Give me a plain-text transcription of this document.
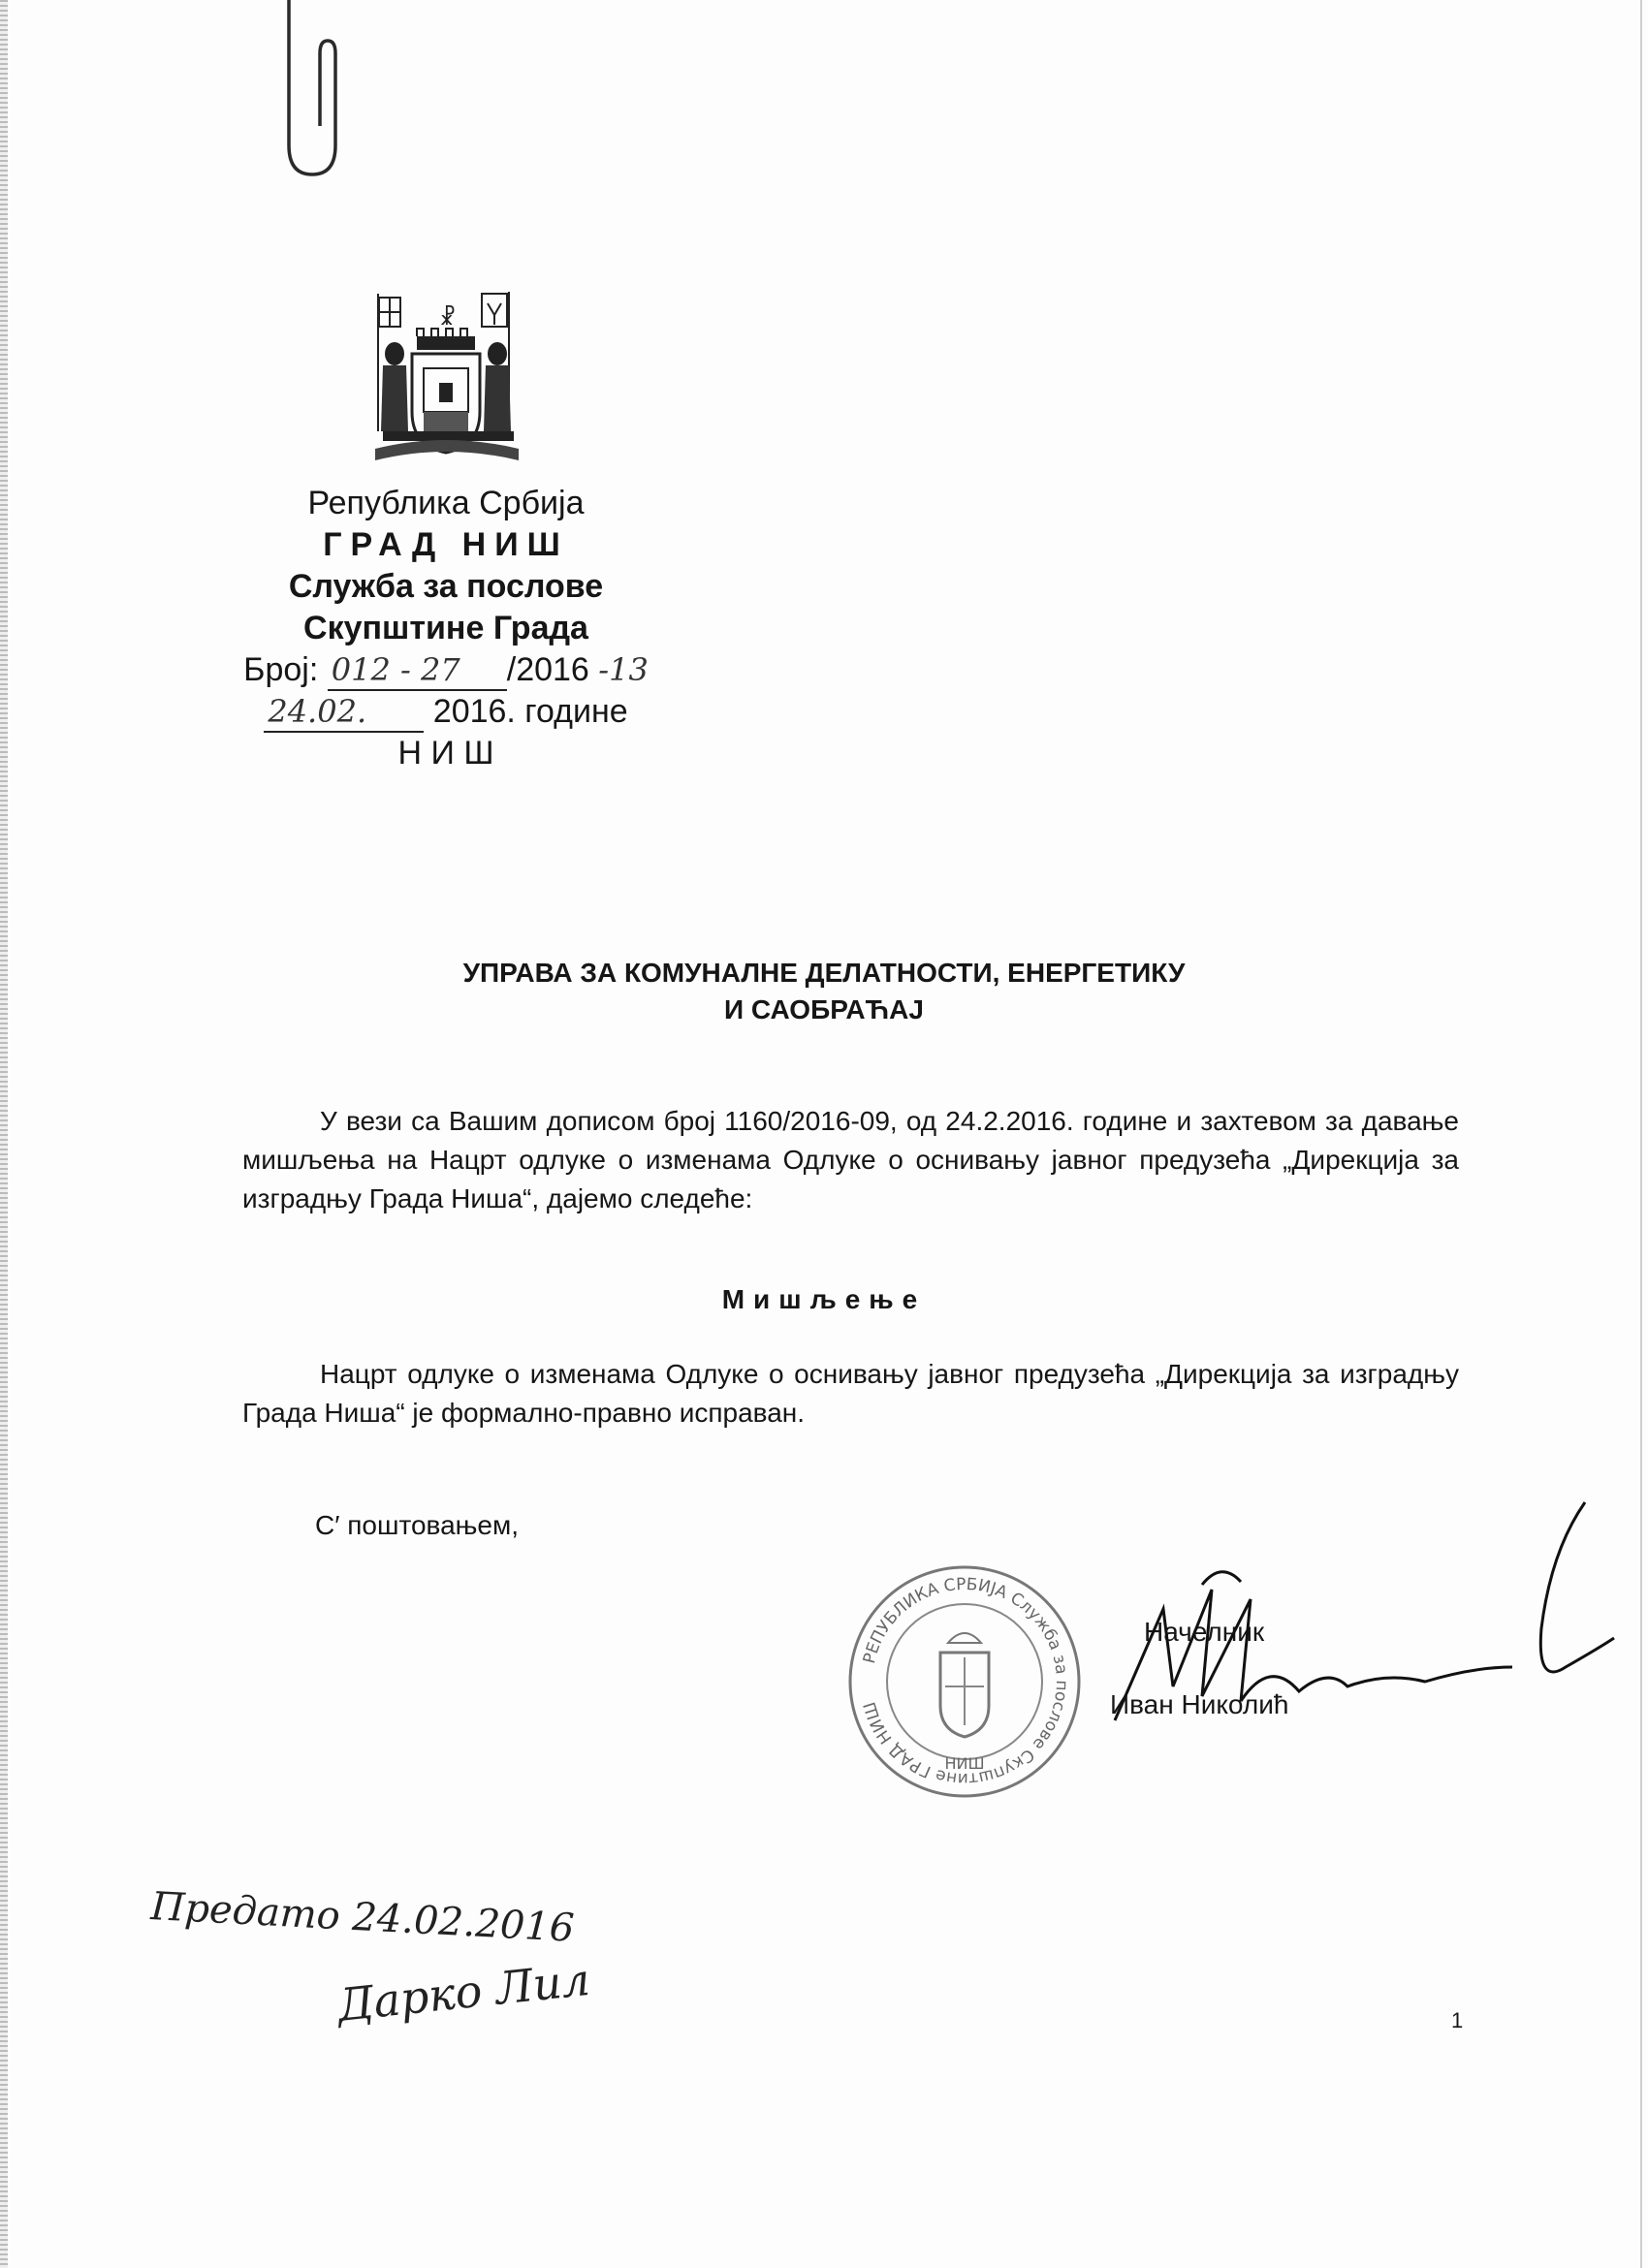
☧
Република Србија
ГРАД НИШ
Служба за послове
Скупштине Града
Број: 012 - 27 /2016 -13
24.02. 2016. године
Н И Ш
УПРАВА ЗА КОМУНАЛНЕ ДЕЛАТНОСТИ, ЕНЕРГЕТИКУ
И САОБРАЋАЈ
У вези са Вашим дописом број 1160/2016-09, од 24.2.2016. године и захтевом за давање мишљења на Нацрт одлуке о изменама Одлуке о оснивању јавног предузећа „Дирекција за изградњу Града Ниша“, дајемо следеће:
Мишљење
Нацрт одлуке о изменама Одлуке о оснивању јавног предузећа „Дирекција за изградњу Града Ниша“ је формално-правно исправан.
С′ поштовањем,
РЕПУБЛИКА СРБИЈА Служба за послове Скупштине ГРАД НИШ
НИШ
Начелник
Иван Николић
Предато 24.02.2016
Дарко Лил	1
